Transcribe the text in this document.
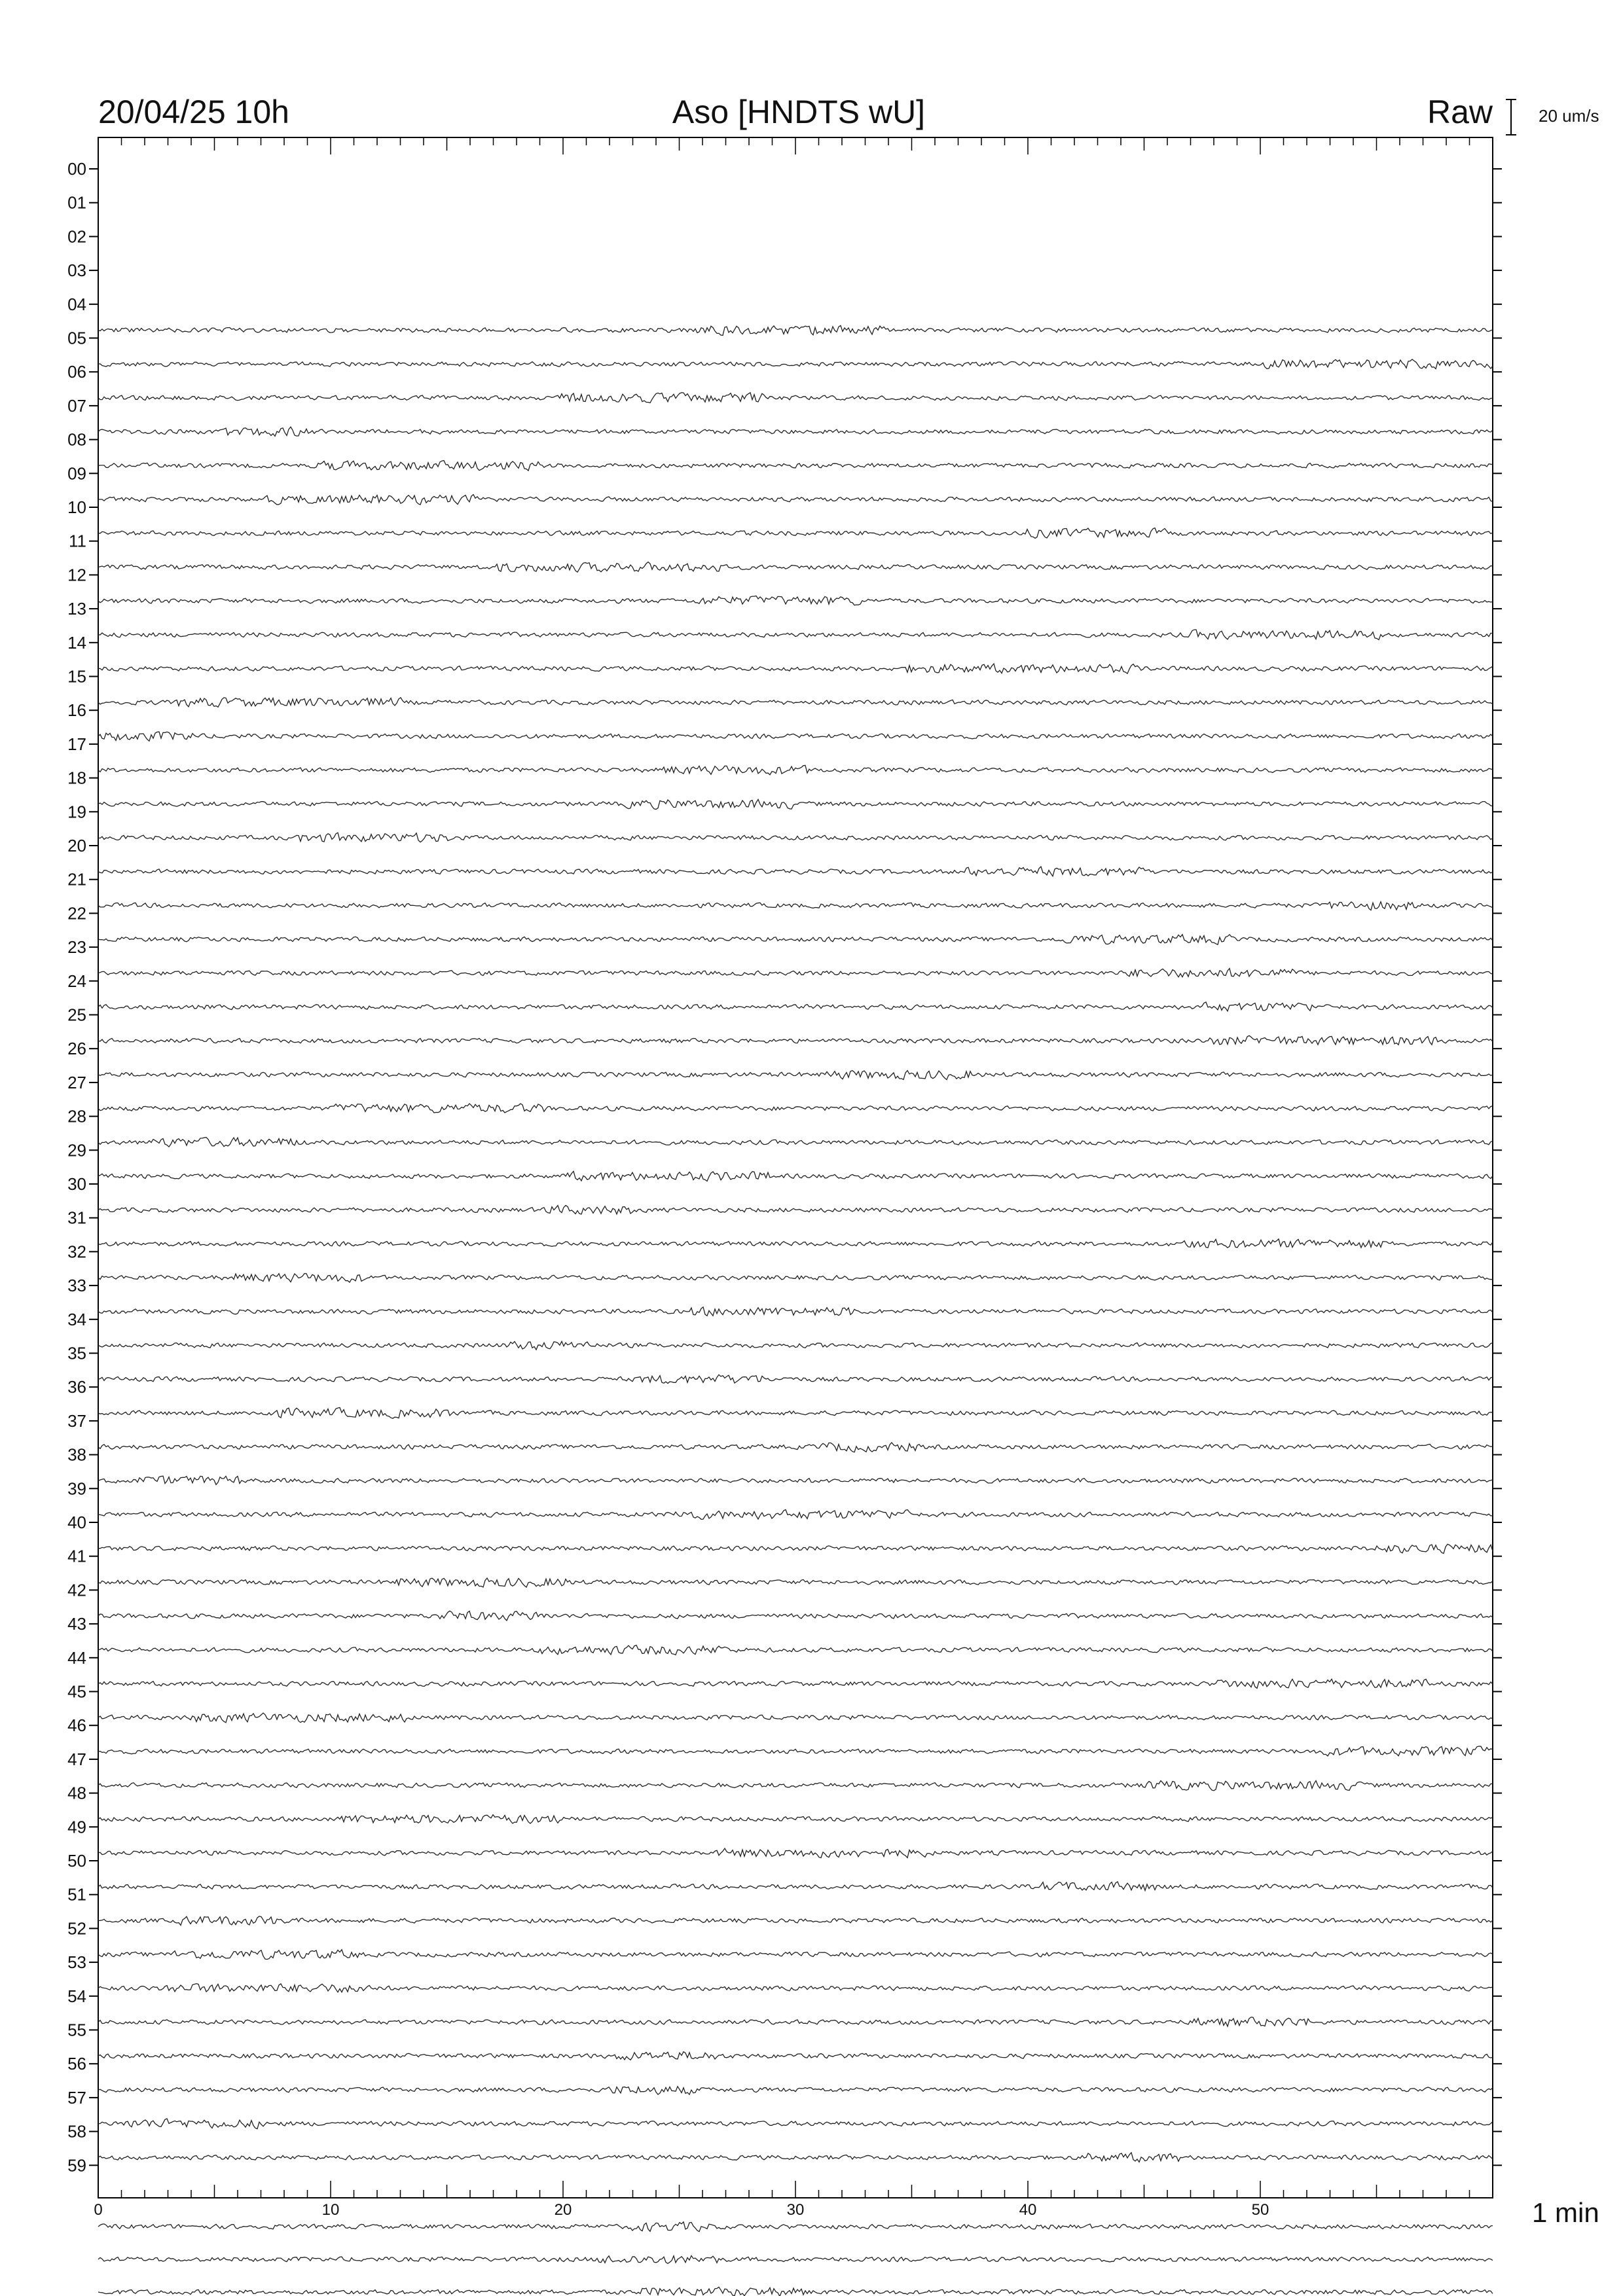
20/04/25 10h	Aso [HNDTS wU]	Raw	20 um/s
1 min
00
01
02
03
04
05
06
07
08
09
10
11
12
13
14
15
16
17
18
19
20
21
22
23
24
25
26
27
28
29
30
31
32
33
34
35
36
37
38
39
40
41
42
43
44
45
46
47
48
49
50
51
52
53
54
55
56
57
58
59
0	10	20	30	40	50
